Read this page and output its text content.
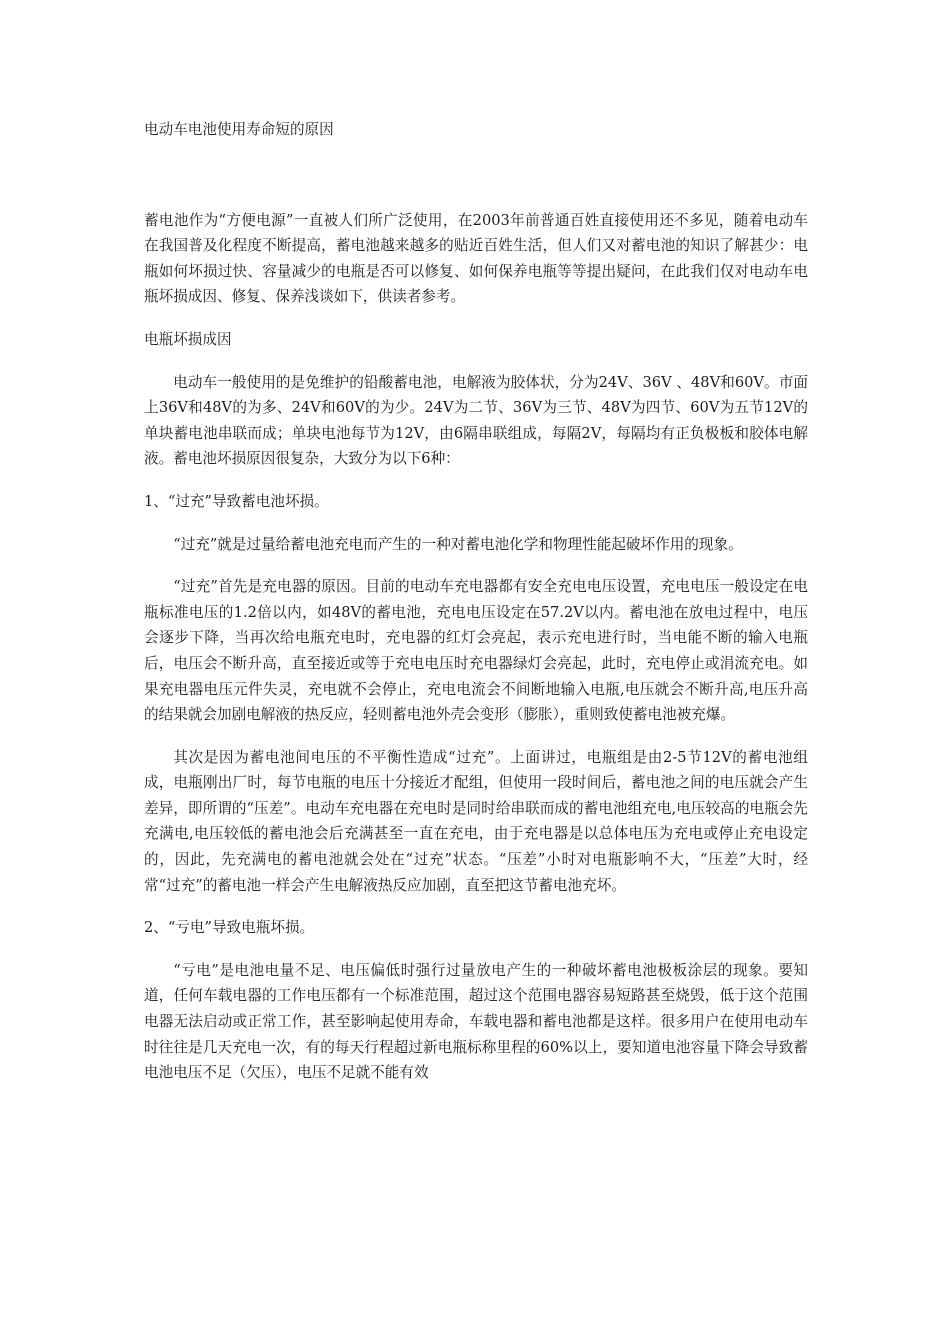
电动车电池使用寿命短的原因

蓄电池作为“方便电源”一直被人们所广泛使用，在2003年前普通百姓直接使用还不多见，随着电动车在我国普及化程度不断提高，蓄电池越来越多的贴近百姓生活，但人们又对蓄电池的知识了解甚少：电瓶如何坏损过快、容量减少的电瓶是否可以修复、如何保养电瓶等等提出疑问，在此我们仅对电动车电瓶坏损成因、修复、保养浅谈如下，供读者参考。

电瓶坏损成因

电动车一般使用的是免维护的铅酸蓄电池，电解液为胶体状，分为24V、36V 、48V和60V。市面上36V和48V的为多、24V和60V的为少。24V为二节、36V为三节、48V为四节、60V为五节12V的单块蓄电池串联而成；单块电池每节为12V，由6隔串联组成，每隔2V，每隔均有正负极板和胶体电解液。蓄电池坏损原因很复杂，大致分为以下6种：

1、“过充”导致蓄电池坏损。

“过充”就是过量给蓄电池充电而产生的一种对蓄电池化学和物理性能起破坏作用的现象。

“过充”首先是充电器的原因。目前的电动车充电器都有安全充电电压设置，充电电压一般设定在电瓶标准电压的1.2倍以内，如48V的蓄电池，充电电压设定在57.2V以内。蓄电池在放电过程中，电压会逐步下降，当再次给电瓶充电时，充电器的红灯会亮起，表示充电进行时，当电能不断的输入电瓶后，电压会不断升高，直至接近或等于充电电压时充电器绿灯会亮起，此时，充电停止或涓流充电。如果充电器电压元件失灵，充电就不会停止，充电电流会不间断地输入电瓶,电压就会不断升高,电压升高的结果就会加剧电解液的热反应，轻则蓄电池外壳会变形（膨胀），重则致使蓄电池被充爆。

其次是因为蓄电池间电压的不平衡性造成“过充”。上面讲过，电瓶组是由2-5节12V的蓄电池组成，电瓶刚出厂时，每节电瓶的电压十分接近才配组，但使用一段时间后，蓄电池之间的电压就会产生差异，即所谓的“压差”。电动车充电器在充电时是同时给串联而成的蓄电池组充电,电压较高的电瓶会先充满电,电压较低的蓄电池会后充满甚至一直在充电，由于充电器是以总体电压为充电或停止充电设定的，因此，先充满电的蓄电池就会处在“过充”状态。“压差”小时对电瓶影响不大，“压差”大时，经常“过充”的蓄电池一样会产生电解液热反应加剧，直至把这节蓄电池充坏。

2、“亏电”导致电瓶坏损。

“亏电”是电池电量不足、电压偏低时强行过量放电产生的一种破坏蓄电池极板涂层的现象。要知道，任何车载电器的工作电压都有一个标准范围，超过这个范围电器容易短路甚至烧毁，低于这个范围电器无法启动或正常工作，甚至影响起使用寿命，车载电器和蓄电池都是这样。很多用户在使用电动车时往往是几天充电一次，有的每天行程超过新电瓶标称里程的60%以上，要知道电池容量下降会导致蓄电池电压不足（欠压），电压不足就不能有效
